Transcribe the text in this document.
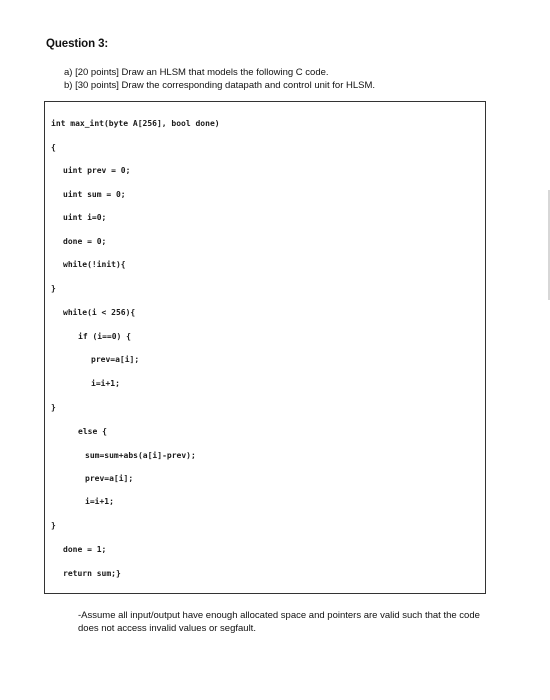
Question 3:
a) [20 points] Draw an HLSM that models the following C code.
b) [30 points] Draw the corresponding datapath and control unit for HLSM.
int max_int(byte A[256], bool done)
{
uint prev = 0;
uint sum = 0;
uint i=0;
done = 0;
while(!init){
}
while(i < 256){
if (i==0) {
prev=a[i];
i=i+1;
}
else {
sum=sum+abs(a[i]-prev);
prev=a[i];
i=i+1;
}
done = 1;
return sum;}
-Assume all input/output have enough allocated space and pointers are valid such that the code does not access invalid values or segfault.
